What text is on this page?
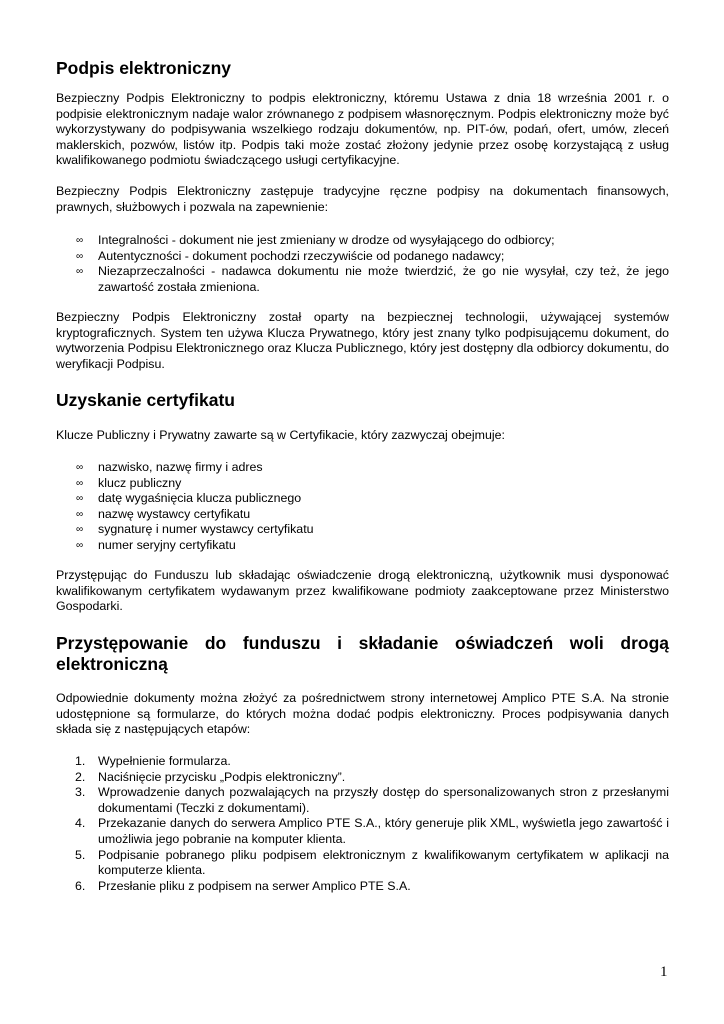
Podpis elektroniczny

Bezpieczny Podpis Elektroniczny to podpis elektroniczny, któremu Ustawa z dnia 18 września 2001 r. o podpisie elektronicznym nadaje walor zrównanego z podpisem własnoręcznym. Podpis elektroniczny może być wykorzystywany do podpisywania wszelkiego rodzaju dokumentów, np. PIT-ów, podań, ofert, umów, zleceń maklerskich, pozwów, listów itp. Podpis taki może zostać złożony jedynie przez osobę korzystającą z usług kwalifikowanego podmiotu świadczącego usługi certyfikacyjne.

Bezpieczny Podpis Elektroniczny zastępuje tradycyjne ręczne podpisy na dokumentach finansowych, prawnych, służbowych i pozwala na zapewnienie:

∞ Integralności - dokument nie jest zmieniany w drodze od wysyłającego do odbiorcy;
∞ Autentyczności - dokument pochodzi rzeczywiście od podanego nadawcy;
∞ Niezaprzeczalności - nadawca dokumentu nie może twierdzić, że go nie wysyłał, czy też, że jego zawartość została zmieniona.

Bezpieczny Podpis Elektroniczny został oparty na bezpiecznej technologii, używającej systemów kryptograficznych. System ten używa Klucza Prywatnego, który jest znany tylko podpisującemu dokument, do wytworzenia Podpisu Elektronicznego oraz Klucza Publicznego, który jest dostępny dla odbiorcy dokumentu, do weryfikacji Podpisu.

Uzyskanie certyfikatu

Klucze Publiczny i Prywatny zawarte są w Certyfikacie, który zazwyczaj obejmuje:

∞ nazwisko, nazwę firmy i adres
∞ klucz publiczny
∞ datę wygaśnięcia klucza publicznego
∞ nazwę wystawcy certyfikatu
∞ sygnaturę i numer wystawcy certyfikatu
∞ numer seryjny certyfikatu

Przystępując do Funduszu lub składając oświadczenie drogą elektroniczną, użytkownik musi dysponować kwalifikowanym certyfikatem wydawanym przez kwalifikowane podmioty zaakceptowane przez Ministerstwo Gospodarki.

Przystępowanie do funduszu i składanie oświadczeń woli drogą elektroniczną

Odpowiednie dokumenty można złożyć za pośrednictwem strony internetowej Amplico PTE S.A. Na stronie udostępnione są formularze, do których można dodać podpis elektroniczny. Proces podpisywania danych składa się z następujących etapów:

1. Wypełnienie formularza.
2. Naciśnięcie przycisku „Podpis elektroniczny”.
3. Wprowadzenie danych pozwalających na przyszły dostęp do spersonalizowanych stron z przesłanymi dokumentami (Teczki z dokumentami).
4. Przekazanie danych do serwera Amplico PTE S.A., który generuje plik XML, wyświetla jego zawartość i umożliwia jego pobranie na komputer klienta.
5. Podpisanie pobranego pliku podpisem elektronicznym z kwalifikowanym certyfikatem w aplikacji na komputerze klienta.
6. Przesłanie pliku z podpisem na serwer Amplico PTE S.A.
1
